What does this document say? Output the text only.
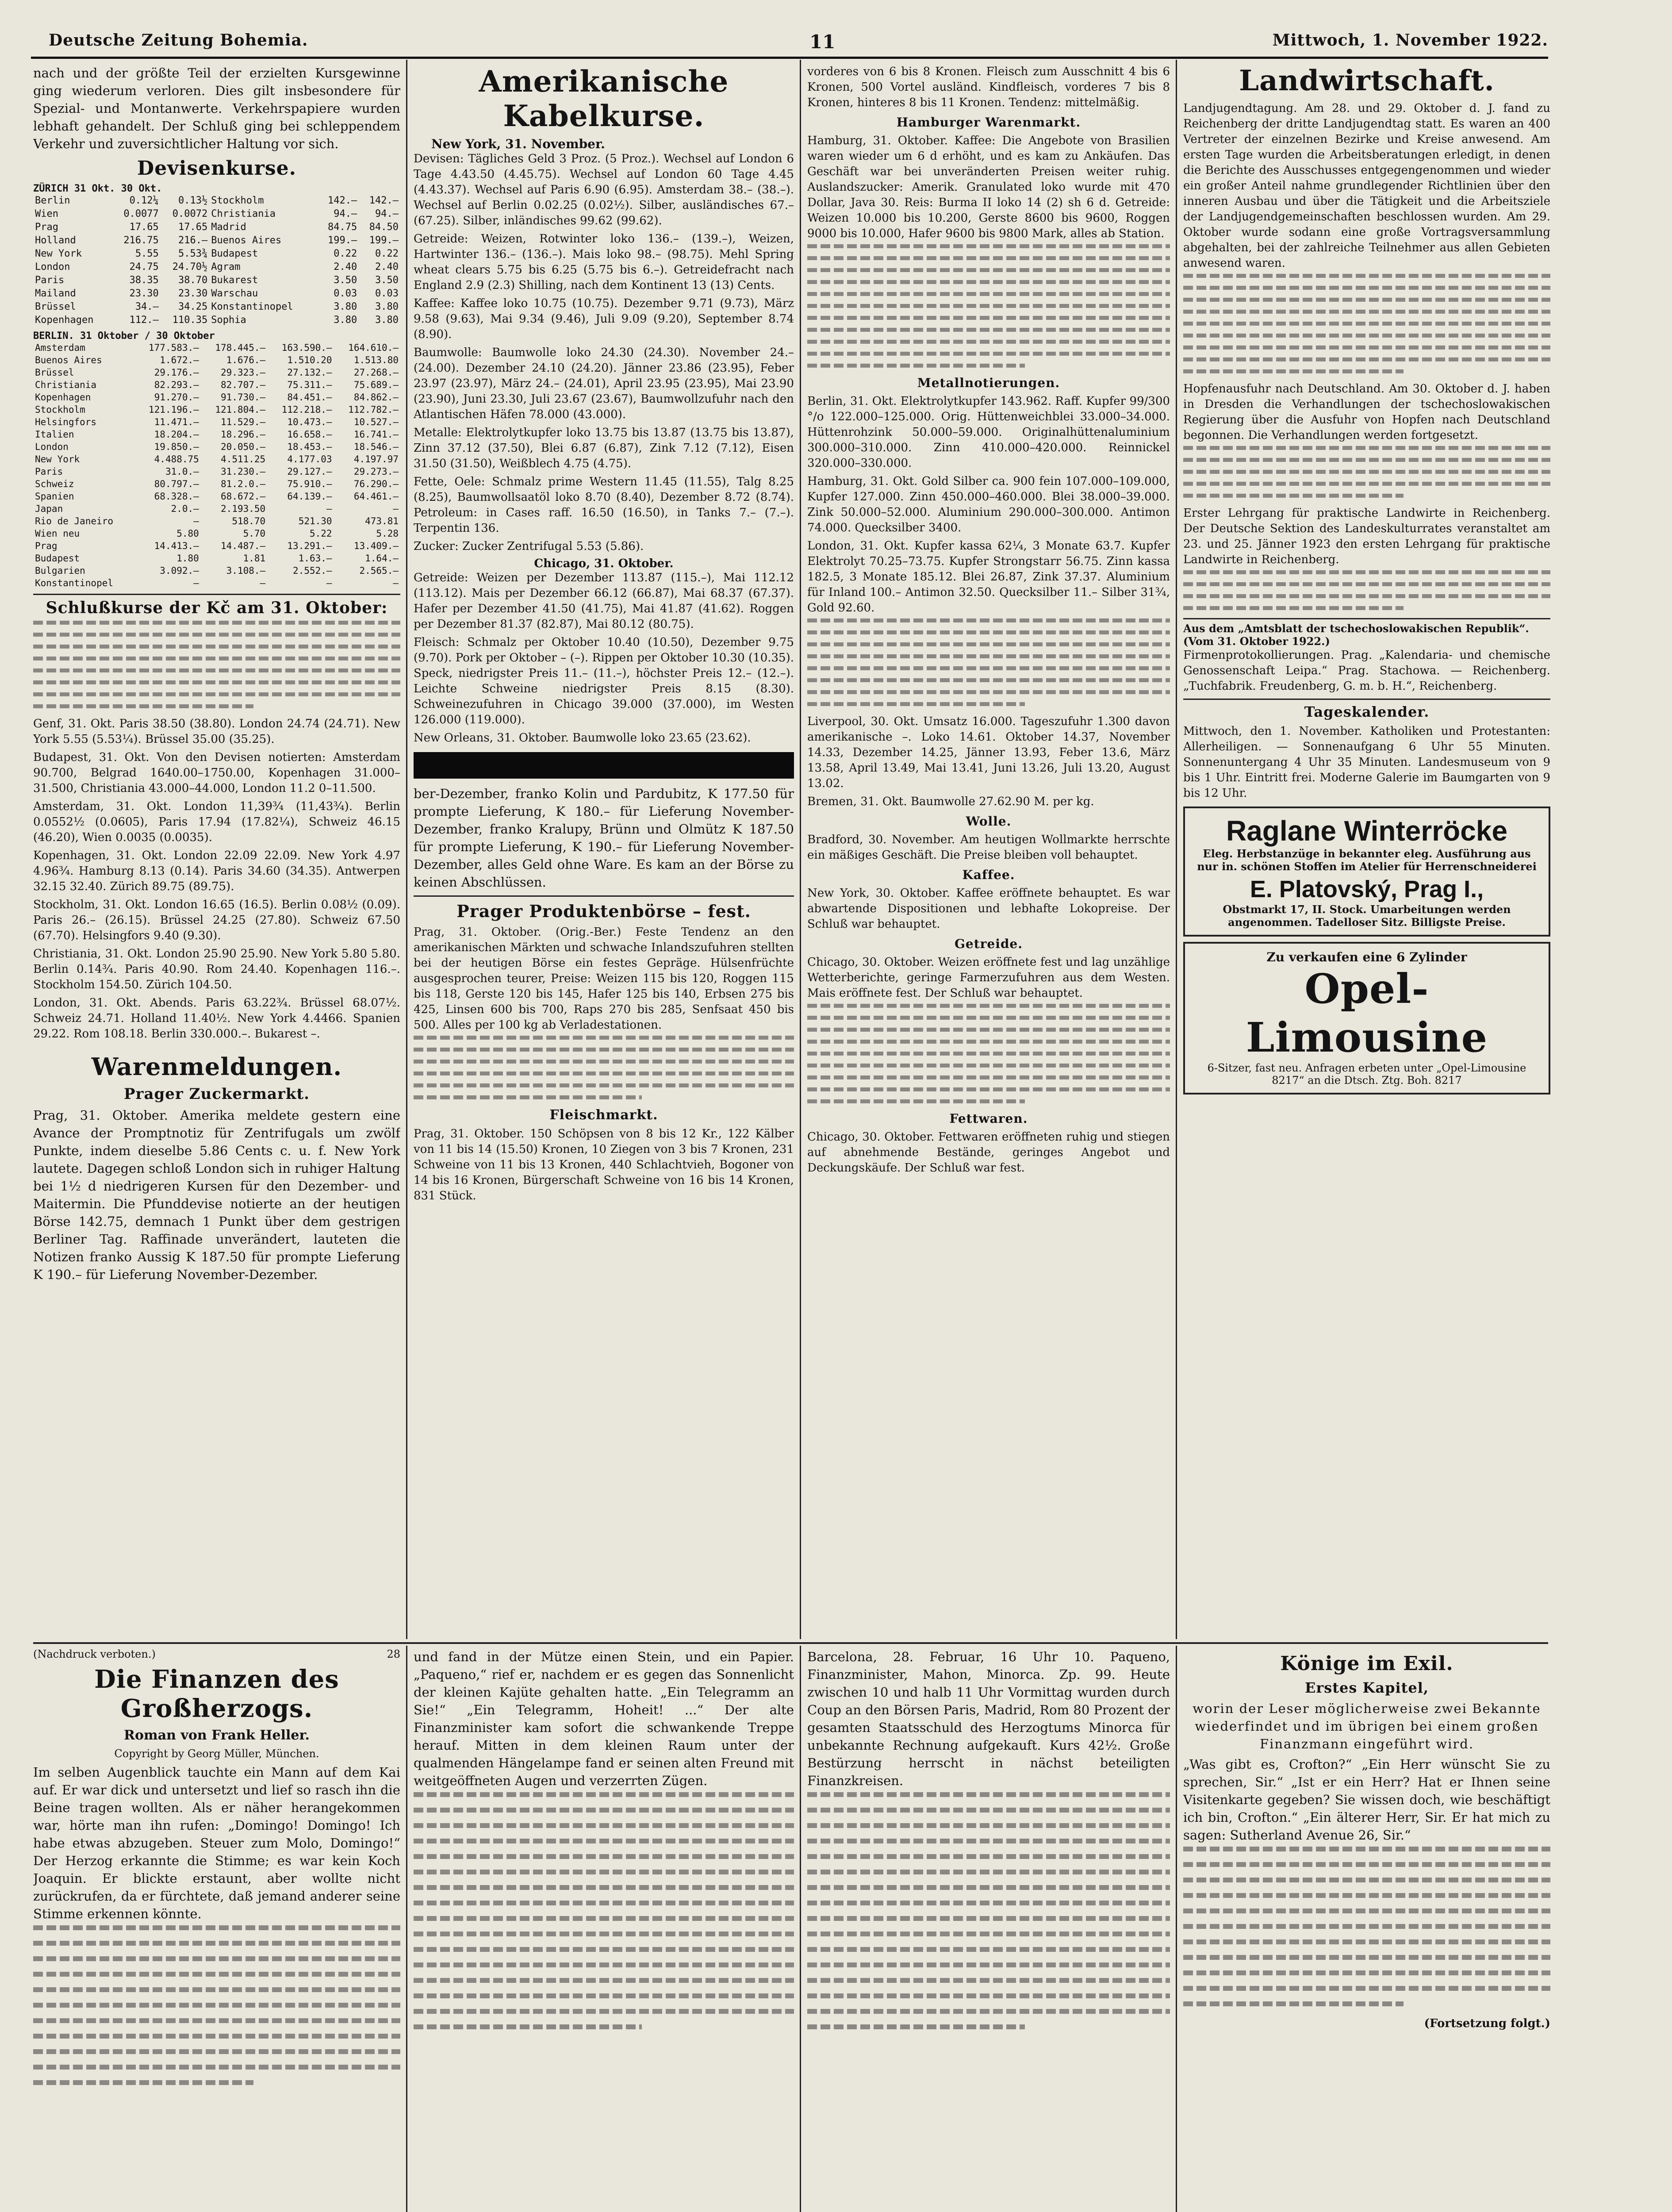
Deutsche Zeitung Bohemia.	11	Mittwoch, 1. November 1922.

nach und der größte Teil der erzielten Kursgewinne ging wiederum verloren. Dies gilt insbesondere für Spezial- und Montanwerte. Verkehrspapiere wurden lebhaft gehandelt. Der Schluß ging bei schleppendem Verkehr und zuversichtlicher Haltung vor sich.

Devisenkurse.
ZÜRICH 31 Okt. 30 Okt.
Berlin	0.12¼	0.13½	Stockholm	142.–	142.–
Wien	0.0077	0.0072	Christiania	94.–	94.–
Prag	17.65	17.65	Madrid	84.75	84.50
Holland	216.75	216.–	Buenos Aires	199.–	199.–
New York	5.55	5.53¾	Budapest	0.22	0.22
London	24.75	24.70½	Agram	2.40	2.40
Paris	38.35	38.70	Bukarest	3.50	3.50
Mailand	23.30	23.30	Warschau	0.03	0.03
Brüssel	34.–	34.25	Konstantinopel	3.80	3.80
Kopenhagen	112.–	110.35	Sophia	3.80	3.80
BERLIN. 31 Oktober / 30 Oktober
Amsterdam	177.583.–	178.445.–	163.590.–	164.610.–
Buenos Aires	1.672.–	1.676.–	1.510.20	1.513.80
Brüssel	29.176.–	29.323.–	27.132.–	27.268.–
Christiania	82.293.–	82.707.–	75.311.–	75.689.–
Kopenhagen	91.270.–	91.730.–	84.451.–	84.862.–
Stockholm	121.196.–	121.804.–	112.218.–	112.782.–
Helsingfors	11.471.–	11.529.–	10.473.–	10.527.–
Italien	18.204.–	18.296.–	16.658.–	16.741.–
London	19.850.–	20.050.–	18.453.–	18.546.–
New York	4.488.75	4.511.25	4.177.03	4.197.97
Paris	31.0.–	31.230.–	29.127.–	29.273.–
Schweiz	80.797.–	81.2.0.–	75.910.–	76.290.–
Spanien	68.328.–	68.672.–	64.139.–	64.461.–
Japan	2.0.–	2.193.50	–	–
Rio de Janeiro	–	518.70	521.30	473.81
Wien neu	5.80	5.70	5.22	5.28
Prag	14.413.–	14.487.–	13.291.–	13.409.–
Budapest	1.80	1.81	1.63.–	1.64.–
Bulgarien	3.092.–	3.108.–	2.552.–	2.565.–
Konstantinopel	–	–	–	–
Schlußkurse der Kč am 31. Oktober:

Genf, 31. Okt. Paris 38.50 (38.80). London 24.74 (24.71). New York 5.55 (5.53¼). Brüssel 35.00 (35.25).

Budapest, 31. Okt. Von den Devisen notierten: Amsterdam 90.700, Belgrad 1640.00–1750.00, Kopenhagen 31.000–31.500, Christiania 43.000–44.000, London 11.2 0–11.500.

Amsterdam, 31. Okt. London 11,39¾ (11,43¾). Berlin 0.0552½ (0.0605), Paris 17.94 (17.82¼), Schweiz 46.15 (46.20), Wien 0.0035 (0.0035).

Kopenhagen, 31. Okt. London 22.09 22.09. New York 4.97 4.96¾. Hamburg 8.13 (0.14). Paris 34.60 (34.35). Antwerpen 32.15 32.40. Zürich 89.75 (89.75).

Stockholm, 31. Okt. London 16.65 (16.5). Berlin 0.08½ (0.09). Paris 26.– (26.15). Brüssel 24.25 (27.80). Schweiz 67.50 (67.70). Helsingfors 9.40 (9.30).

Christiania, 31. Okt. London 25.90 25.90. New York 5.80 5.80. Berlin 0.14¾. Paris 40.90. Rom 24.40. Kopenhagen 116.–. Stockholm 154.50. Zürich 104.50.

London, 31. Okt. Abends. Paris 63.22¾. Brüssel 68.07½. Schweiz 24.71. Holland 11.40½. New York 4.4466. Spanien 29.22. Rom 108.18. Berlin 330.000.–. Bukarest –.

Warenmeldungen.
Prager Zuckermarkt.

Prag, 31. Oktober. Amerika meldete gestern eine Avance der Promptnotiz für Zentrifugals um zwölf Punkte, indem dieselbe 5.86 Cents c. u. f. New York lautete. Dagegen schloß London sich in ruhiger Haltung bei 1½ d niedrigeren Kursen für den Dezember- und Maitermin. Die Pfunddevise notierte an der heutigen Börse 142.75, demnach 1 Punkt über dem gestrigen Berliner Tag. Raffinade unverändert, lauteten die Notizen franko Aussig K 187.50 für prompte Lieferung K 190.– für Lieferung November-Dezember.

Amerikanische Kabelkurse.
New York, 31. November.

Devisen: Tägliches Geld 3 Proz. (5 Proz.). Wechsel auf London 6 Tage 4.43.50 (4.45.75). Wechsel auf London 60 Tage 4.45 (4.43.37). Wechsel auf Paris 6.90 (6.95). Amsterdam 38.– (38.–). Wechsel auf Berlin 0.02.25 (0.02½). Silber, ausländisches 67.– (67.25). Silber, inländisches 99.62 (99.62).

Getreide: Weizen, Rotwinter loko 136.– (139.–), Weizen, Hartwinter 136.– (136.–). Mais loko 98.– (98.75). Mehl Spring wheat clears 5.75 bis 6.25 (5.75 bis 6.–). Getreidefracht nach England 2.9 (2.3) Shilling, nach dem Kontinent 13 (13) Cents.

Kaffee: Kaffee loko 10.75 (10.75). Dezember 9.71 (9.73), März 9.58 (9.63), Mai 9.34 (9.46), Juli 9.09 (9.20), September 8.74 (8.90).

Baumwolle: Baumwolle loko 24.30 (24.30). November 24.– (24.00). Dezember 24.10 (24.20). Jänner 23.86 (23.95), Feber 23.97 (23.97), März 24.– (24.01), April 23.95 (23.95), Mai 23.90 (23.90), Juni 23.30, Juli 23.67 (23.67), Baumwollzufuhr nach den Atlantischen Häfen 78.000 (43.000).

Metalle: Elektrolytkupfer loko 13.75 bis 13.87 (13.75 bis 13.87), Zinn 37.12 (37.50), Blei 6.87 (6.87), Zink 7.12 (7.12), Eisen 31.50 (31.50), Weißblech 4.75 (4.75).

Fette, Oele: Schmalz prime Western 11.45 (11.55), Talg 8.25 (8.25), Baumwollsaatöl loko 8.70 (8.40), Dezember 8.72 (8.74). Petroleum: in Cases raff. 16.50 (16.50), in Tanks 7.– (7.–). Terpentin 136.

Zucker: Zucker Zentrifugal 5.53 (5.86).

Chicago, 31. Oktober.

Getreide: Weizen per Dezember 113.87 (115.–), Mai 112.12 (113.12). Mais per Dezember 66.12 (66.87), Mai 68.37 (67.37). Hafer per Dezember 41.50 (41.75), Mai 41.87 (41.62). Roggen per Dezember 81.37 (82.87), Mai 80.12 (80.75).

Fleisch: Schmalz per Oktober 10.40 (10.50), Dezember 9.75 (9.70). Pork per Oktober – (–). Rippen per Oktober 10.30 (10.35). Speck, niedrigster Preis 11.– (11.–), höchster Preis 12.– (12.–). Leichte Schweine niedrigster Preis 8.15 (8.30). Schweinezufuhren in Chicago 39.000 (37.000), im Westen 126.000 (119.000).

New Orleans, 31. Oktober. Baumwolle loko 23.65 (23.62).

ber-Dezember, franko Kolin und Pardubitz, K 177.50 für prompte Lieferung, K 180.– für Lieferung November-Dezember, franko Kralupy, Brünn und Olmütz K 187.50 für prompte Lieferung, K 190.– für Lieferung November-Dezember, alles Geld ohne Ware. Es kam an der Börse zu keinen Abschlüssen.

Prager Produktenbörse – fest.

Prag, 31. Oktober. (Orig.-Ber.) Feste Tendenz an den amerikanischen Märkten und schwache Inlandszufuhren stellten bei der heutigen Börse ein festes Gepräge. Hülsenfrüchte ausgesprochen teurer, Preise: Weizen 115 bis 120, Roggen 115 bis 118, Gerste 120 bis 145, Hafer 125 bis 140, Erbsen 275 bis 425, Linsen 600 bis 700, Raps 270 bis 285, Senfsaat 450 bis 500. Alles per 100 kg ab Verladestationen.

Fleischmarkt.

Prag, 31. Oktober. 150 Schöpsen von 8 bis 12 Kr., 122 Kälber von 11 bis 14 (15.50) Kronen, 10 Ziegen von 3 bis 7 Kronen, 231 Schweine von 11 bis 13 Kronen, 440 Schlachtvieh, Bogoner von 14 bis 16 Kronen, Bürgerschaft Schweine von 16 bis 14 Kronen, 831 Stück.

vorderes von 6 bis 8 Kronen. Fleisch zum Ausschnitt 4 bis 6 Kronen, 500 Vortel ausländ. Kindfleisch, vorderes 7 bis 8 Kronen, hinteres 8 bis 11 Kronen. Tendenz: mittelmäßig.

Hamburger Warenmarkt.

Hamburg, 31. Oktober. Kaffee: Die Angebote von Brasilien waren wieder um 6 d erhöht, und es kam zu Ankäufen. Das Geschäft war bei unveränderten Preisen weiter ruhig. Auslandszucker: Amerik. Granulated loko wurde mit 470 Dollar, Java 30. Reis: Burma II loko 14 (2) sh 6 d. Getreide: Weizen 10.000 bis 10.200, Gerste 8600 bis 9600, Roggen 9000 bis 10.000, Hafer 9600 bis 9800 Mark, alles ab Station.

Metallnotierungen.

Berlin, 31. Okt. Elektrolytkupfer 143.962. Raff. Kupfer 99/300 °/o 122.000–125.000. Orig. Hüttenweichblei 33.000–34.000. Hüttenrohzink 50.000–59.000. Originalhüttenaluminium 300.000–310.000. Zinn 410.000–420.000. Reinnickel 320.000–330.000.

Hamburg, 31. Okt. Gold Silber ca. 900 fein 107.000–109.000, Kupfer 127.000. Zinn 450.000–460.000. Blei 38.000–39.000. Zink 50.000–52.000. Aluminium 290.000–300.000. Antimon 74.000. Quecksilber 3400.

London, 31. Okt. Kupfer kassa 62¼, 3 Monate 63.7. Kupfer Elektrolyt 70.25–73.75. Kupfer Strongstarr 56.75. Zinn kassa 182.5, 3 Monate 185.12. Blei 26.87, Zink 37.37. Aluminium für Inland 100.– Antimon 32.50. Quecksilber 11.– Silber 31¾, Gold 92.60.

Liverpool, 30. Okt. Umsatz 16.000. Tageszufuhr 1.300 davon amerikanische –. Loko 14.61. Oktober 14.37, November 14.33, Dezember 14.25, Jänner 13.93, Feber 13.6, März 13.58, April 13.49, Mai 13.41, Juni 13.26, Juli 13.20, August 13.02.

Bremen, 31. Okt. Baumwolle 27.62.90 M. per kg.

Wolle.

Bradford, 30. November. Am heutigen Wollmarkte herrschte ein mäßiges Geschäft. Die Preise bleiben voll behauptet.

Kaffee.

New York, 30. Oktober. Kaffee eröffnete behauptet. Es war abwartende Dispositionen und lebhafte Lokopreise. Der Schluß war behauptet.

Getreide.

Chicago, 30. Oktober. Weizen eröffnete fest und lag unzählige Wetterberichte, geringe Farmerzufuhren aus dem Westen. Mais eröffnete fest. Der Schluß war behauptet.

Fettwaren.

Chicago, 30. Oktober. Fettwaren eröffneten ruhig und stiegen auf abnehmende Bestände, geringes Angebot und Deckungskäufe. Der Schluß war fest.

Landwirtschaft.

Landjugendtagung. Am 28. und 29. Oktober d. J. fand zu Reichenberg der dritte Landjugendtag statt. Es waren an 400 Vertreter der einzelnen Bezirke und Kreise anwesend. Am ersten Tage wurden die Arbeitsberatungen erledigt, in denen die Berichte des Ausschusses entgegengenommen und wieder ein großer Anteil nahme grundlegender Richtlinien über den inneren Ausbau und über die Tätigkeit und die Arbeitsziele der Landjugendgemeinschaften beschlossen wurden. Am 29. Oktober wurde sodann eine große Vortragsversammlung abgehalten, bei der zahlreiche Teilnehmer aus allen Gebieten anwesend waren.

Hopfenausfuhr nach Deutschland. Am 30. Oktober d. J. haben in Dresden die Verhandlungen der tschechoslowakischen Regierung über die Ausfuhr von Hopfen nach Deutschland begonnen. Die Verhandlungen werden fortgesetzt.

Erster Lehrgang für praktische Landwirte in Reichenberg. Der Deutsche Sektion des Landeskulturrates veranstaltet am 23. und 25. Jänner 1923 den ersten Lehrgang für praktische Landwirte in Reichenberg.

Aus dem „Amtsblatt der tschechoslowakischen Republik“. (Vom 31. Oktober 1922.)

Firmenprotokollierungen. Prag. „Kalendaria- und chemische Genossenschaft Leipa.“ Prag. Stachowa. — Reichenberg. „Tuchfabrik. Freudenberg, G. m. b. H.“, Reichenberg.

Tageskalender.

Mittwoch, den 1. November. Katholiken und Protestanten: Allerheiligen. — Sonnenaufgang 6 Uhr 55 Minuten. Sonnenuntergang 4 Uhr 35 Minuten. Landesmuseum von 9 bis 1 Uhr. Eintritt frei. Moderne Galerie im Baumgarten von 9 bis 12 Uhr.

Raglane Winterröcke
Eleg. Herbstanzüge in bekannter eleg. Ausführung aus nur in. schönen Stoffen im Atelier für Herrenschneiderei
E. Platovský, Prag I.,
Obstmarkt 17, II. Stock. Umarbeitungen werden angenommen. Tadelloser Sitz. Billigste Preise.
Zu verkaufen eine 6 Zylinder
Opel-Limousine
6-Sitzer, fast neu. Anfragen erbeten unter „Opel-Limousine 8217“ an die Dtsch. Ztg. Boh. 8217
(Nachdruck verboten.)	28
Die Finanzen des Großherzogs.
Roman von Frank Heller.
Copyright by Georg Müller, München.

Im selben Augenblick tauchte ein Mann auf dem Kai auf. Er war dick und untersetzt und lief so rasch ihn die Beine tragen wollten. Als er näher herangekommen war, hörte man ihn rufen: „Domingo! Domingo! Ich habe etwas abzugeben. Steuer zum Molo, Domingo!“ Der Herzog erkannte die Stimme; es war kein Koch Joaquin. Er blickte erstaunt, aber wollte nicht zurückrufen, da er fürchtete, daß jemand anderer seine Stimme erkennen könnte.

und fand in der Mütze einen Stein, und ein Papier. „Paqueno,“ rief er, nachdem er es gegen das Sonnenlicht der kleinen Kajüte gehalten hatte. „Ein Telegramm an Sie!“ „Ein Telegramm, Hoheit! ...“ Der alte Finanzminister kam sofort die schwankende Treppe herauf. Mitten in dem kleinen Raum unter der qualmenden Hängelampe fand er seinen alten Freund mit weitgeöffneten Augen und verzerrten Zügen.

Barcelona, 28. Februar, 16 Uhr 10. Paqueno, Finanzminister, Mahon, Minorca. Zp. 99. Heute zwischen 10 und halb 11 Uhr Vormittag wurden durch Coup an den Börsen Paris, Madrid, Rom 80 Prozent der gesamten Staatsschuld des Herzogtums Minorca für unbekannte Rechnung aufgekauft. Kurs 42½. Große Bestürzung herrscht in nächst beteiligten Finanzkreisen.

Könige im Exil.
Erstes Kapitel,

worin der Leser möglicherweise zwei Bekannte wiederfindet und im übrigen bei einem großen Finanzmann eingeführt wird.

„Was gibt es, Crofton?“ „Ein Herr wünscht Sie zu sprechen, Sir.“ „Ist er ein Herr? Hat er Ihnen seine Visitenkarte gegeben? Sie wissen doch, wie beschäftigt ich bin, Crofton.“ „Ein älterer Herr, Sir. Er hat mich zu sagen: Sutherland Avenue 26, Sir.“

(Fortsetzung folgt.)
